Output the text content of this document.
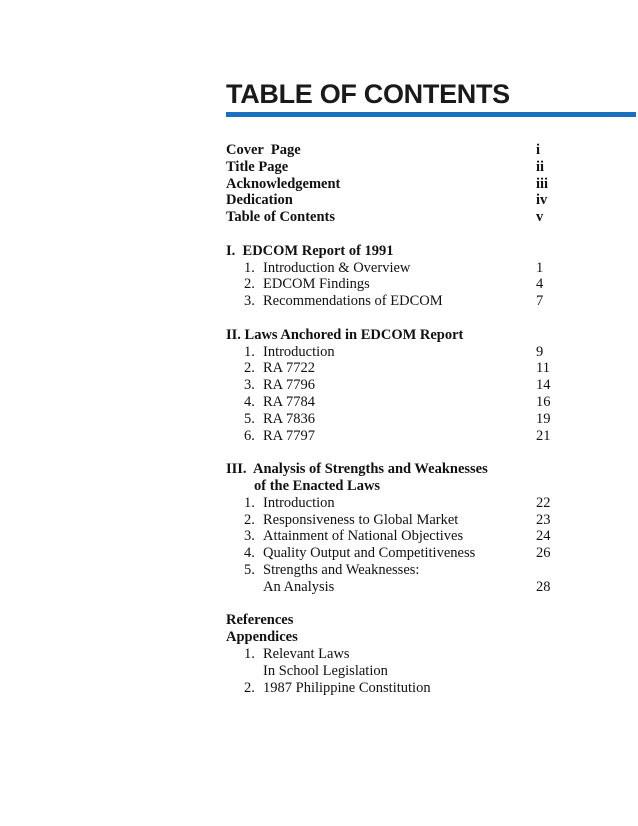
TABLE OF CONTENTS
Cover  Page	i
Title Page	ii
Acknowledgement	iii
Dedication	iv
Table of Contents	v
I.  EDCOM Report of 1991
1. Introduction & Overview	1
2. EDCOM Findings	4
3. Recommendations of EDCOM	7
II. Laws Anchored in EDCOM Report
1. Introduction	9
2. RA 7722	11
3. RA 7796	14
4. RA 7784	16
5. RA 7836	19
6. RA 7797	21
III.  Analysis of Strengths and Weaknesses
of the Enacted Laws
1. Introduction	22
2. Responsiveness to Global Market	23
3. Attainment of National Objectives	24
4. Quality Output and Competitiveness	26
5. Strengths and Weaknesses:
An Analysis	28
References
Appendices
1. Relevant Laws
In School Legislation
2. 1987 Philippine Constitution
